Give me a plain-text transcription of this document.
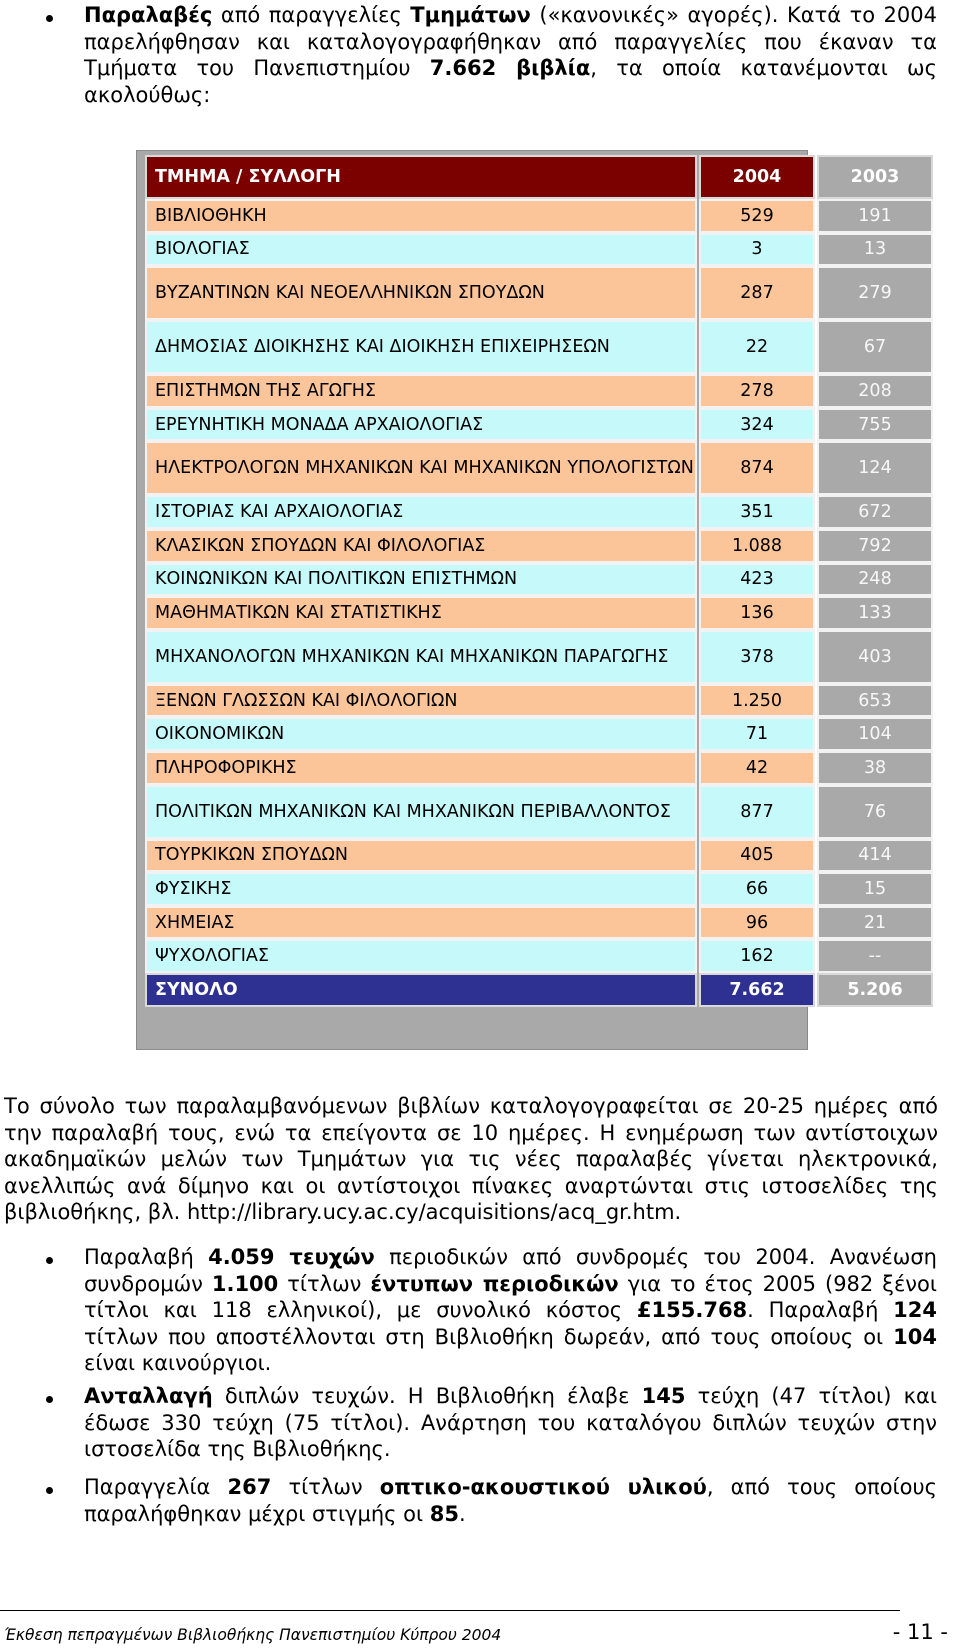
Παραλαβές από παραγγελίες Τμημάτων («κανονικές» αγορές). Κατά το 2004 παρελήφθησαν και καταλογογραφήθηκαν από παραγγελίες που έκαναν τα Τμήματα του Πανεπιστημίου 7.662 βιβλία, τα οποία κατανέμονται ως ακολούθως:
ΤΜΗΜΑ / ΣΥΛΛΟΓΗ	2004	2003
ΒΙΒΛΙΟΘΗΚΗ	529	191
ΒΙΟΛΟΓΙΑΣ	3	13
ΒΥΖΑΝΤΙΝΩΝ ΚΑΙ ΝΕΟΕΛΛΗΝΙΚΩΝ ΣΠΟΥΔΩΝ	287	279
ΔΗΜΟΣΙΑΣ ΔΙΟΙΚΗΣΗΣ ΚΑΙ ΔΙΟΙΚΗΣΗ ΕΠΙΧΕΙΡΗΣΕΩΝ	22	67
ΕΠΙΣΤΗΜΩΝ ΤΗΣ ΑΓΩΓΗΣ	278	208
ΕΡΕΥΝΗΤΙΚΗ ΜΟΝΑΔΑ ΑΡΧΑΙΟΛΟΓΙΑΣ	324	755
ΗΛΕΚΤΡΟΛΟΓΩΝ ΜΗΧΑΝΙΚΩΝ ΚΑΙ ΜΗΧΑΝΙΚΩΝ ΥΠΟΛΟΓΙΣΤΩΝ	874	124
ΙΣΤΟΡΙΑΣ ΚΑΙ ΑΡΧΑΙΟΛΟΓΙΑΣ	351	672
ΚΛΑΣΙΚΩΝ ΣΠΟΥΔΩΝ ΚΑΙ ΦΙΛΟΛΟΓΙΑΣ	1.088	792
ΚΟΙΝΩΝΙΚΩΝ ΚΑΙ ΠΟΛΙΤΙΚΩΝ ΕΠΙΣΤΗΜΩΝ	423	248
ΜΑΘΗΜΑΤΙΚΩΝ ΚΑΙ ΣΤΑΤΙΣΤΙΚΗΣ	136	133
ΜΗΧΑΝΟΛΟΓΩΝ ΜΗΧΑΝΙΚΩΝ ΚΑΙ ΜΗΧΑΝΙΚΩΝ ΠΑΡΑΓΩΓΗΣ	378	403
ΞΕΝΩΝ ΓΛΩΣΣΩΝ ΚΑΙ ΦΙΛΟΛΟΓΙΩΝ	1.250	653
ΟΙΚΟΝΟΜΙΚΩΝ	71	104
ΠΛΗΡΟΦΟΡΙΚΗΣ	42	38
ΠΟΛΙΤΙΚΩΝ ΜΗΧΑΝΙΚΩΝ ΚΑΙ ΜΗΧΑΝΙΚΩΝ ΠΕΡΙΒΑΛΛΟΝΤΟΣ	877	76
ΤΟΥΡΚΙΚΩΝ ΣΠΟΥΔΩΝ	405	414
ΦΥΣΙΚΗΣ	66	15
ΧΗΜΕΙΑΣ	96	21
ΨΥΧΟΛΟΓΙΑΣ	162	--
ΣΥΝΟΛΟ	7.662	5.206
Το σύνολο των παραλαμβανόμενων βιβλίων καταλογογραφείται σε 20-25 ημέρες από την παραλαβή τους, ενώ τα επείγοντα σε 10 ημέρες. Η ενημέρωση των αντίστοιχων ακαδημαϊκών μελών των Τμημάτων για τις νέες παραλαβές γίνεται ηλεκτρονικά, ανελλιπώς ανά δίμηνο και οι αντίστοιχοι πίνακες αναρτώνται στις ιστοσελίδες της βιβλιοθήκης, βλ. http://library.ucy.ac.cy/acquisitions/acq_gr.htm.
Παραλαβή 4.059 τευχών περιοδικών από συνδρομές του 2004. Ανανέωση συνδρομών 1.100 τίτλων έντυπων περιοδικών για το έτος 2005 (982 ξένοι τίτλοι και 118 ελληνικοί), με συνολικό κόστος £155.768. Παραλαβή 124 τίτλων που αποστέλλονται στη Βιβλιοθήκη δωρεάν, από τους οποίους οι 104 είναι καινούργιοι.
Ανταλλαγή διπλών τευχών. Η Βιβλιοθήκη έλαβε 145 τεύχη (47 τίτλοι) και έδωσε 330 τεύχη (75 τίτλοι). Ανάρτηση του καταλόγου διπλών τευχών στην ιστοσελίδα της Βιβλιοθήκης.
Παραγγελία 267 τίτλων οπτικο-ακουστικού υλικού, από τους οποίους παραλήφθηκαν μέχρι στιγμής οι 85.
Έκθεση πεπραγμένων Βιβλιοθήκης Πανεπιστημίου Κύπρου 2004	- 11 -
